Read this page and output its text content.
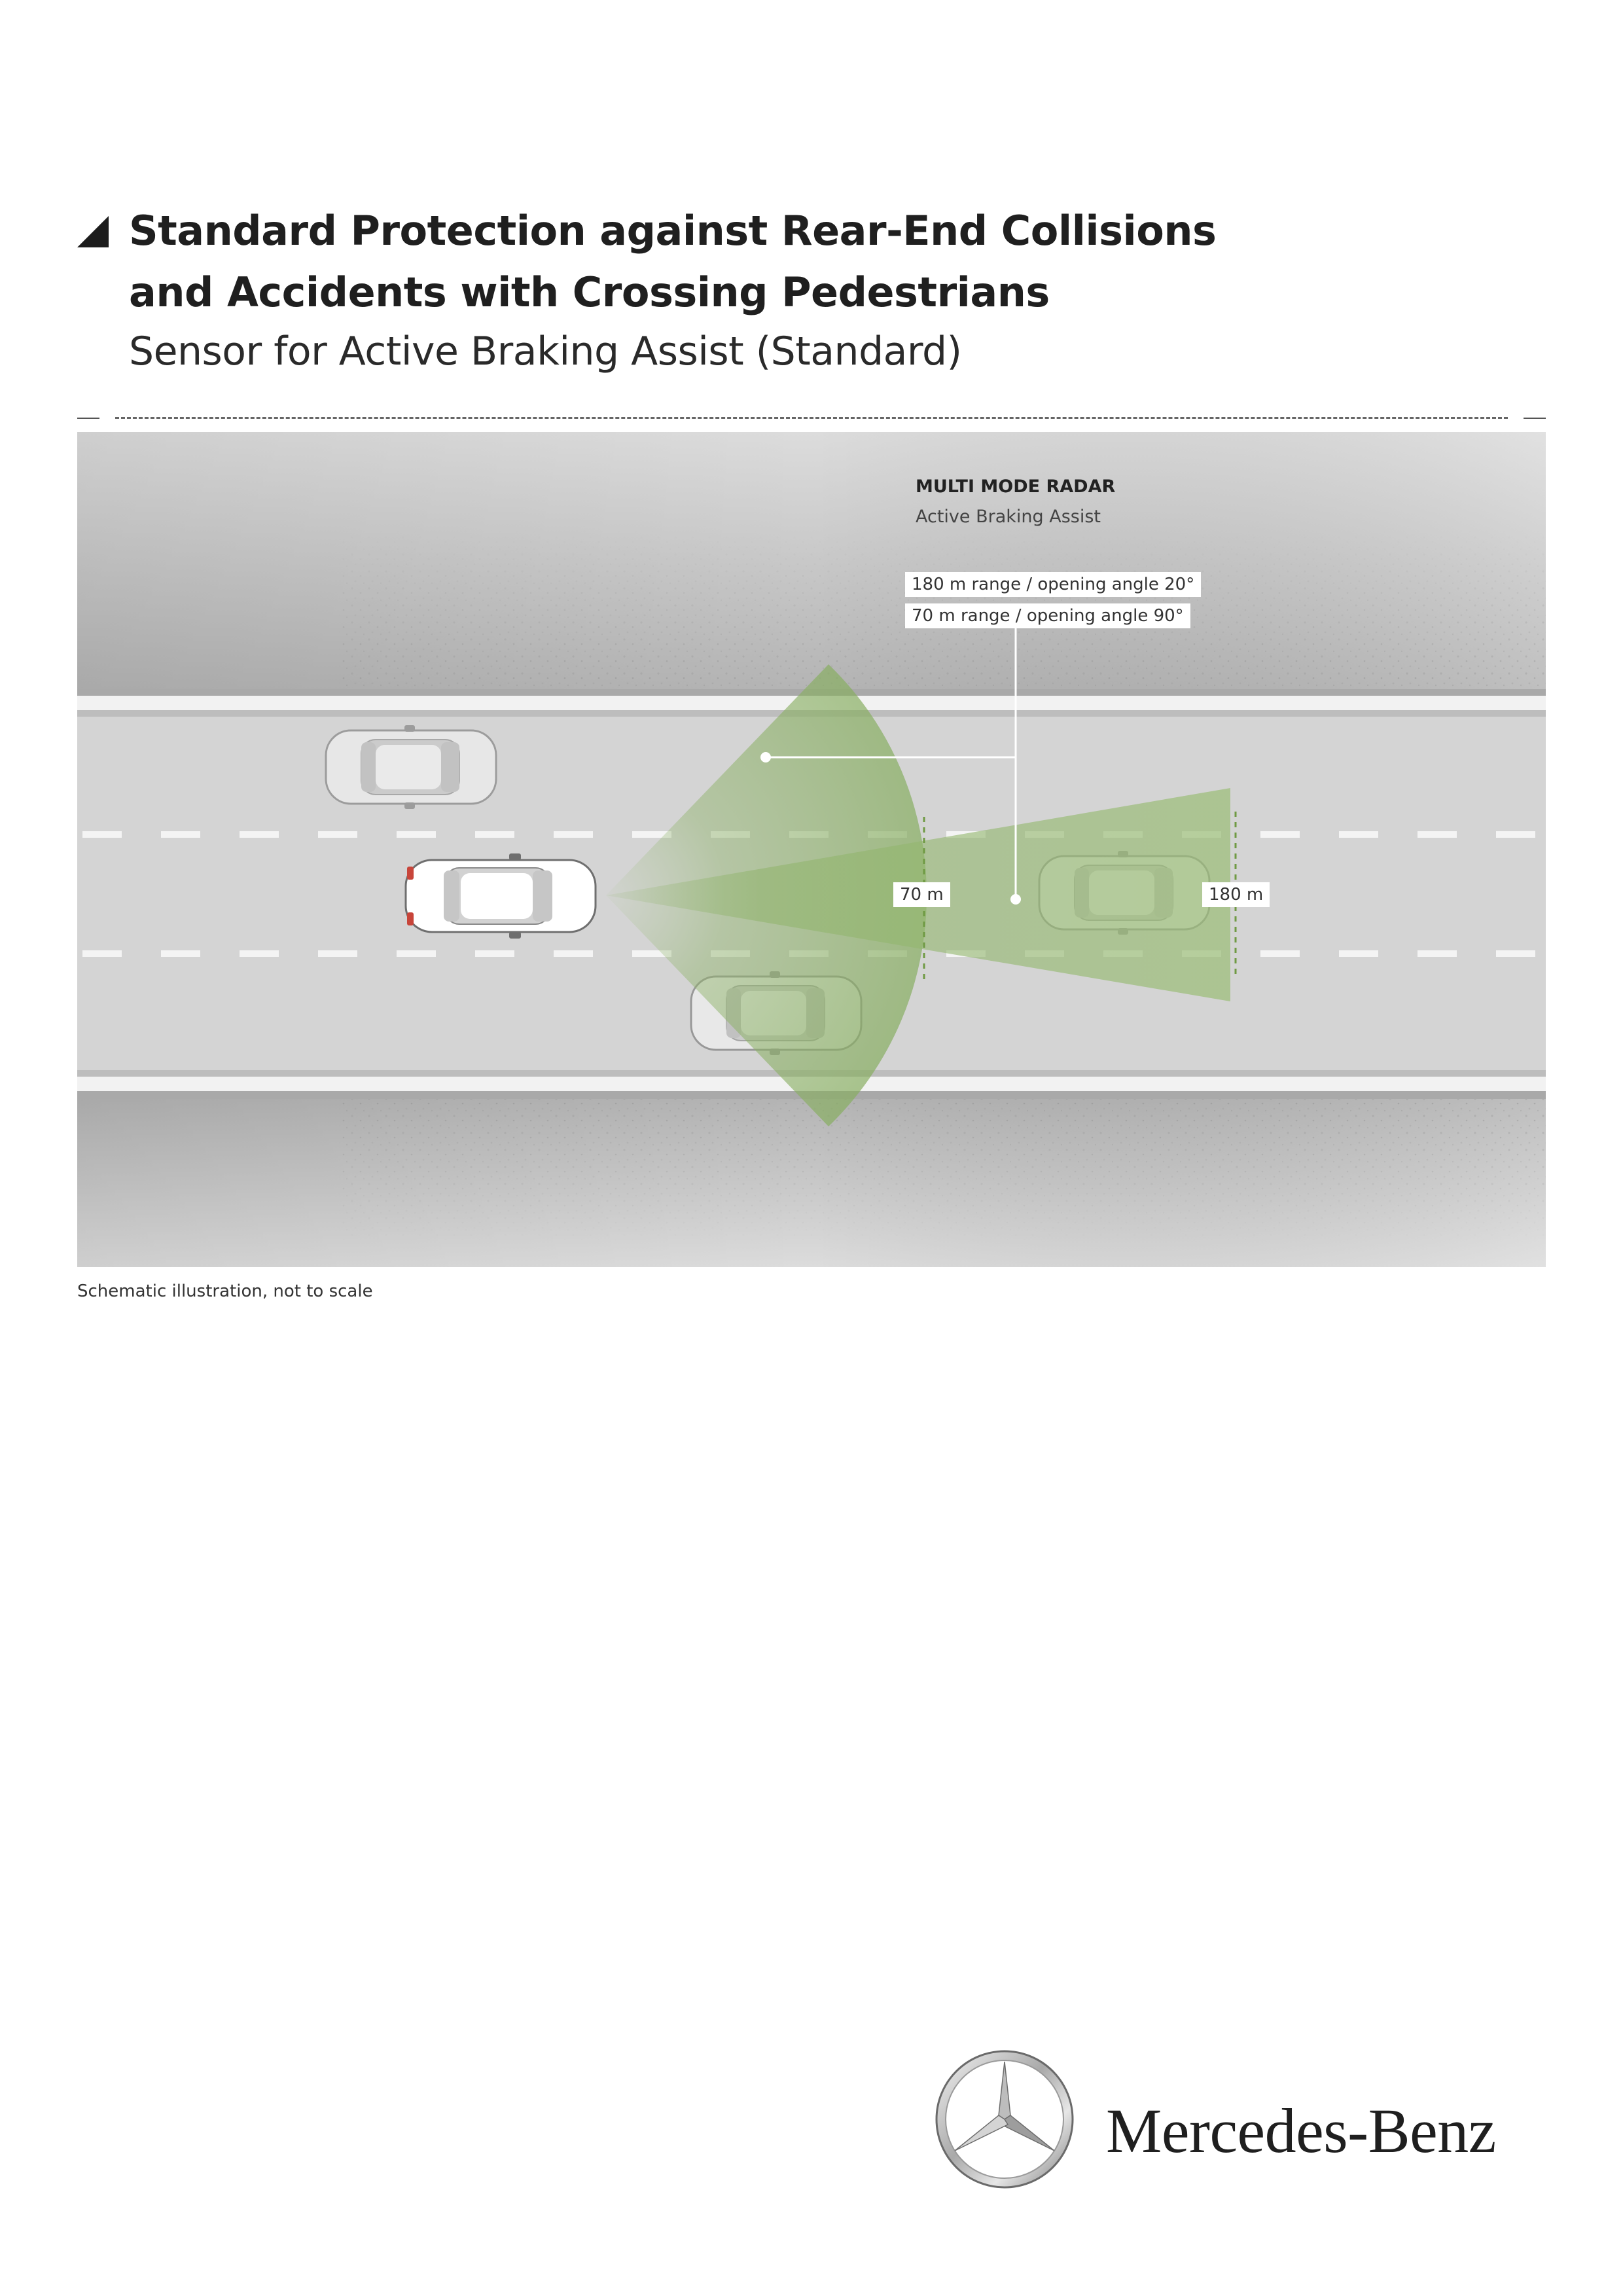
Standard Protection against Rear-End Collisions
and Accidents with Crossing Pedestrians
Sensor for Active Braking Assist (Standard)
MULTI MODE RADAR
Active Braking Assist
180 m range / opening angle 20°
70 m range / opening angle 90°
70 m	180 m
Schematic illustration, not to scale
Mercedes-Benz
